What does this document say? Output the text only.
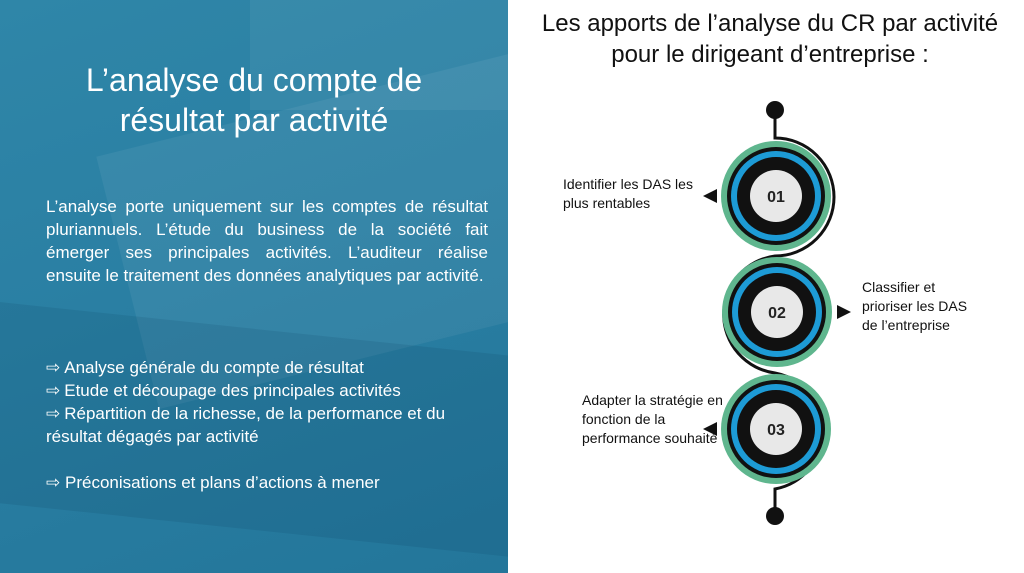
L’analyse du compte de résultat par activité

L’analyse porte uniquement sur les comptes de résultat pluriannuels. L’étude du business de la société fait émerger ses principales activités. L’auditeur réalise ensuite le traitement des données analytiques par activité.

⇨ Analyse générale du compte de résultat
⇨ Etude et découpage des principales activités
⇨ Répartition de la richesse, de la performance et du résultat dégagés par activité

⇨ Préconisations et plans d’actions à mener

Les apports de l’analyse du CR par activité pour le dirigeant d’entreprise :
01
02
03

Identifier les DAS les plus rentables

Classifier et prioriser les DAS de l’entreprise

Adapter la stratégie en fonction de la performance souhaité
